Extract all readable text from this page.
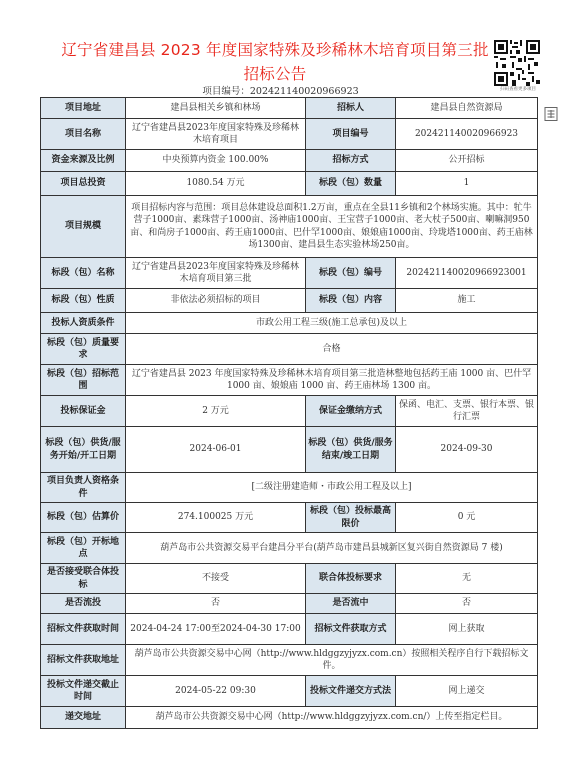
辽宁省建昌县 2023 年度国家特殊及珍稀林木培育项目第三批招标公告
项目编号：202421140020966923	扫码查看更多项目
项目地址	建昌县相关乡镇和林场	招标人	建昌县自然资源局
项目名称	辽宁省建昌县2023年度国家特殊及珍稀林木培育项目	项目编号	202421140020966923
资金来源及比例	中央预算内资金 100.00%	招标方式	公开招标
项目总投资	1080.54 万元	标段（包）数量	1
项目规模	项目招标内容与范围：项目总体建设总面积1.2万亩，重点在全县11乡镇和2个林场实施。其中：牤牛营子1000亩、素珠营子1000亩、汤神庙1000亩、王宝营子1000亩、老大杖子500亩、喇嘛洞950亩、和尚房子1000亩、药王庙1000亩、巴什罕1000亩、娘娘庙1000亩、玲珑塔1000亩、药王庙林场1300亩、建昌县生态实验林场250亩。		
标段（包）名称	辽宁省建昌县2023年度国家特殊及珍稀林木培育项目第三批	标段（包）编号	202421140020966923001
标段（包）性质	非依法必须招标的项目	标段（包）内容	施工
投标人资质条件	市政公用工程三级(施工总承包)及以上		
标段（包）质量要求	合格		
标段（包）招标范围	辽宁省建昌县 2023 年度国家特殊及珍稀林木培育项目第三批造林整地包括药王庙 1000 亩、巴什罕 1000 亩、娘娘庙 1000 亩、药王庙林场 1300 亩。		
投标保证金	2 万元	保证金缴纳方式	保函、电汇、支票、银行本票、银行汇票
标段（包）供货/服务开始/开工日期	2024-06-01	标段（包）供货/服务结束/竣工日期	2024-09-30
项目负责人资格条件	[二级注册建造师・市政公用工程及以上]		
标段（包）估算价	274.100025 万元	标段（包）投标最高限价	0 元
标段（包）开标地点	葫芦岛市公共资源交易平台建昌分平台(葫芦岛市建昌县城新区复兴街自然资源局 7 楼)		
是否接受联合体投标	不接受	联合体投标要求	无
是否流投	否	是否流中	否
招标文件获取时间	2024-04-24 17:00至2024-04-30 17:00	招标文件获取方式	网上获取
招标文件获取地址	葫芦岛市公共资源交易中心网（http://www.hldggzyjyzx.com.cn）按照相关程序自行下载招标文件。		
投标文件递交截止时间	2024-05-22 09:30	投标文件递交方式法	网上递交
递交地址	葫芦岛市公共资源交易中心网（http://www.hldggzyjyzx.com.cn/）上传至指定栏目。		
